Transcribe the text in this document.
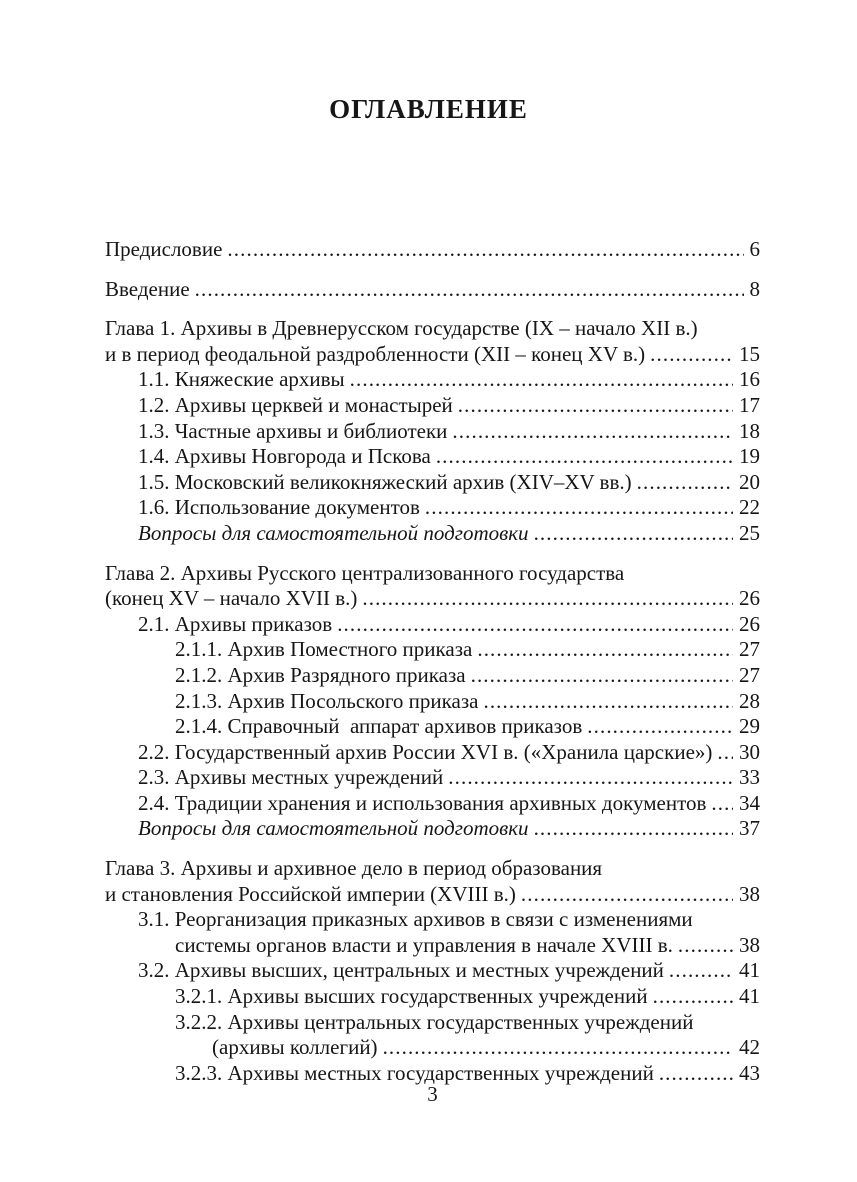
ОГЛАВЛЕНИЕ
Предисловие .....	6
Введение .....	8
Глава 1. Архивы в Древнерусском государстве (IX – начало XII в.)
и в период феодальной раздробленности (XII – конец XV в.) .....	15
1.1. Княжеские архивы .....	16
1.2. Архивы церквей и монастырей .....	17
1.3. Частные архивы и библиотеки .....	18
1.4. Архивы Новгорода и Пскова .....	19
1.5. Московский великокняжеский архив (XIV–XV вв.) .....	20
1.6. Использование документов .....	22
Вопросы для самостоятельной подготовки .....	25
Глава 2. Архивы Русского централизованного государства
(конец XV – начало XVII в.) .....	26
2.1. Архивы приказов .....	26
2.1.1. Архив Поместного приказа .....	27
2.1.2. Архив Разрядного приказа .....	27
2.1.3. Архив Посольского приказа .....	28
2.1.4. Справочный  аппарат архивов приказов .....	29
2.2. Государственный архив России XVI в. («Хранила царские») ..... 30
2.3. Архивы местных учреждений .....	33
2.4. Традиции хранения и использования архивных документов ..... 34
Вопросы для самостоятельной подготовки .....	37
Глава 3. Архивы и архивное дело в период образования
и становления Российской империи (XVIII в.) .....	38
3.1. Реорганизация приказных архивов в связи с изменениями
системы органов власти и управления в начале XVIII в. .....	38
3.2. Архивы высших, центральных и местных учреждений .....	41
3.2.1. Архивы высших государственных учреждений .....	41
3.2.2. Архивы центральных государственных учреждений
(архивы коллегий) .....	42
3.2.3. Архивы местных государственных учреждений .....	43
3
